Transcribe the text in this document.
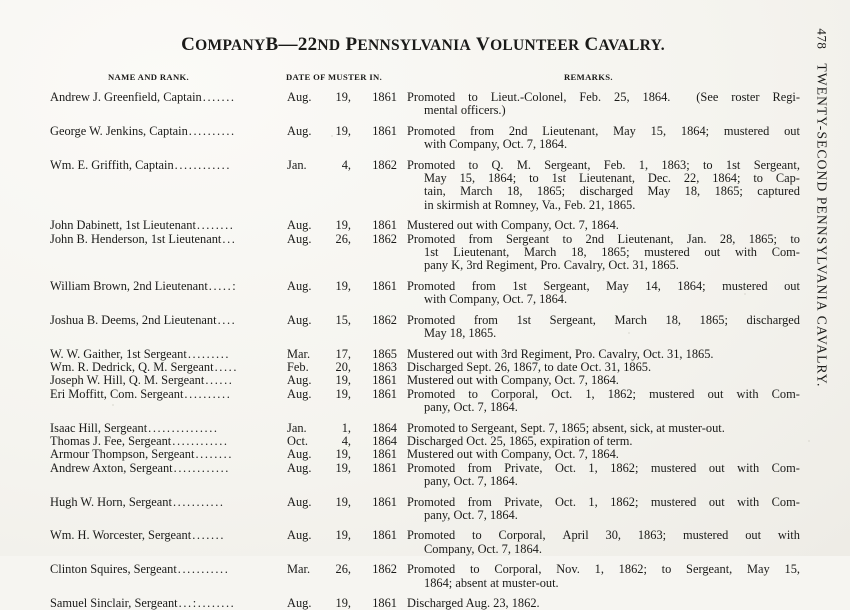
478
TWENTY-SECOND PENNSYLVANIA CAVALRY.
COMPANYB—22ND PENNSYLVANIA VOLUNTEER CAVALRY.
NAME AND RANK.	DATE OF MUSTER IN.	REMARKS.
Andrew J. Greenfield, Captain .......	Aug.	19, 1861 Promoted to Lieut.-Colonel, Feb. 25, 1864. (See roster Regi-
mental officers.)
George W. Jenkins, Captain ..........	Aug.	19, 1861 Promoted from 2nd Lieutenant, May 15, 1864; mustered out
with Company, Oct. 7, 1864.
Wm. E. Griffith, Captain ............	Jan.	4, 1862 Promoted to Q. M. Sergeant, Feb. 1, 1863; to 1st Sergeant,
May 15, 1864; to 1st Lieutenant, Dec. 22, 1864; to Cap-
tain, March 18, 1865; discharged May 18, 1865; captured
in skirmish at Romney, Va., Feb. 21, 1865.
John Dabinett, 1st Lieutenant ........	Aug.	19, 1861 Mustered out with Company, Oct. 7, 1864.
John B. Henderson, 1st Lieutenant ...	Aug.	26, 1862 Promoted from Sergeant to 2nd Lieutenant, Jan. 28, 1865; to
1st Lieutenant, March 18, 1865; mustered out with Com-
pany K, 3rd Regiment, Pro. Cavalry, Oct. 31, 1865.
William Brown, 2nd Lieutenant .....:	Aug.	19, 1861 Promoted from 1st Sergeant, May 14, 1864; mustered out
with Company, Oct. 7, 1864.
Joshua B. Deems, 2nd Lieutenant ....	Aug.	15, 1862 Promoted from 1st Sergeant, March 18, 1865; discharged
May 18, 1865.
W. W. Gaither, 1st Sergeant .........	Mar.	17, 1865 Mustered out with 3rd Regiment, Pro. Cavalry, Oct. 31, 1865.
Wm. R. Dedrick, Q. M. Sergeant .....	Feb.	20, 1863 Discharged Sept. 26, 1867, to date Oct. 31, 1865.
Joseph W. Hill, Q. M. Sergeant ......	Aug.	19, 1861 Mustered out with Company, Oct. 7, 1864.
Eri Moffitt, Com. Sergeant ..........	Aug.	19, 1861 Promoted to Corporal, Oct. 1, 1862; mustered out with Com-
pany, Oct. 7, 1864.
Isaac Hill, Sergeant ...............	Jan.	1, 1864 Promoted to Sergeant, Sept. 7, 1865; absent, sick, at muster-out.
Thomas J. Fee, Sergeant ............	Oct.	4, 1864 Discharged Oct. 25, 1865, expiration of term.
Armour Thompson, Sergeant ........	Aug.	19, 1861 Mustered out with Company, Oct. 7, 1864.
Andrew Axton, Sergeant ............	Aug.	19, 1861 Promoted from Private, Oct. 1, 1862; mustered out with Com-
pany, Oct. 7, 1864.
Hugh W. Horn, Sergeant ...........	Aug.	19, 1861 Promoted from Private, Oct. 1, 1862; mustered out with Com-
pany, Oct. 7, 1864.
Wm. H. Worcester, Sergeant .......	Aug.	19, 1861 Promoted to Corporal, April 30, 1863; mustered out with
Company, Oct. 7, 1864.
Clinton Squires, Sergeant ...........	Mar.	26, 1862 Promoted to Corporal, Nov. 1, 1862; to Sergeant, May 15,
1864; absent at muster-out.
Samuel Sinclair, Sergeant ...:........	Aug.	19, 1861 Discharged Aug. 23, 1862.
